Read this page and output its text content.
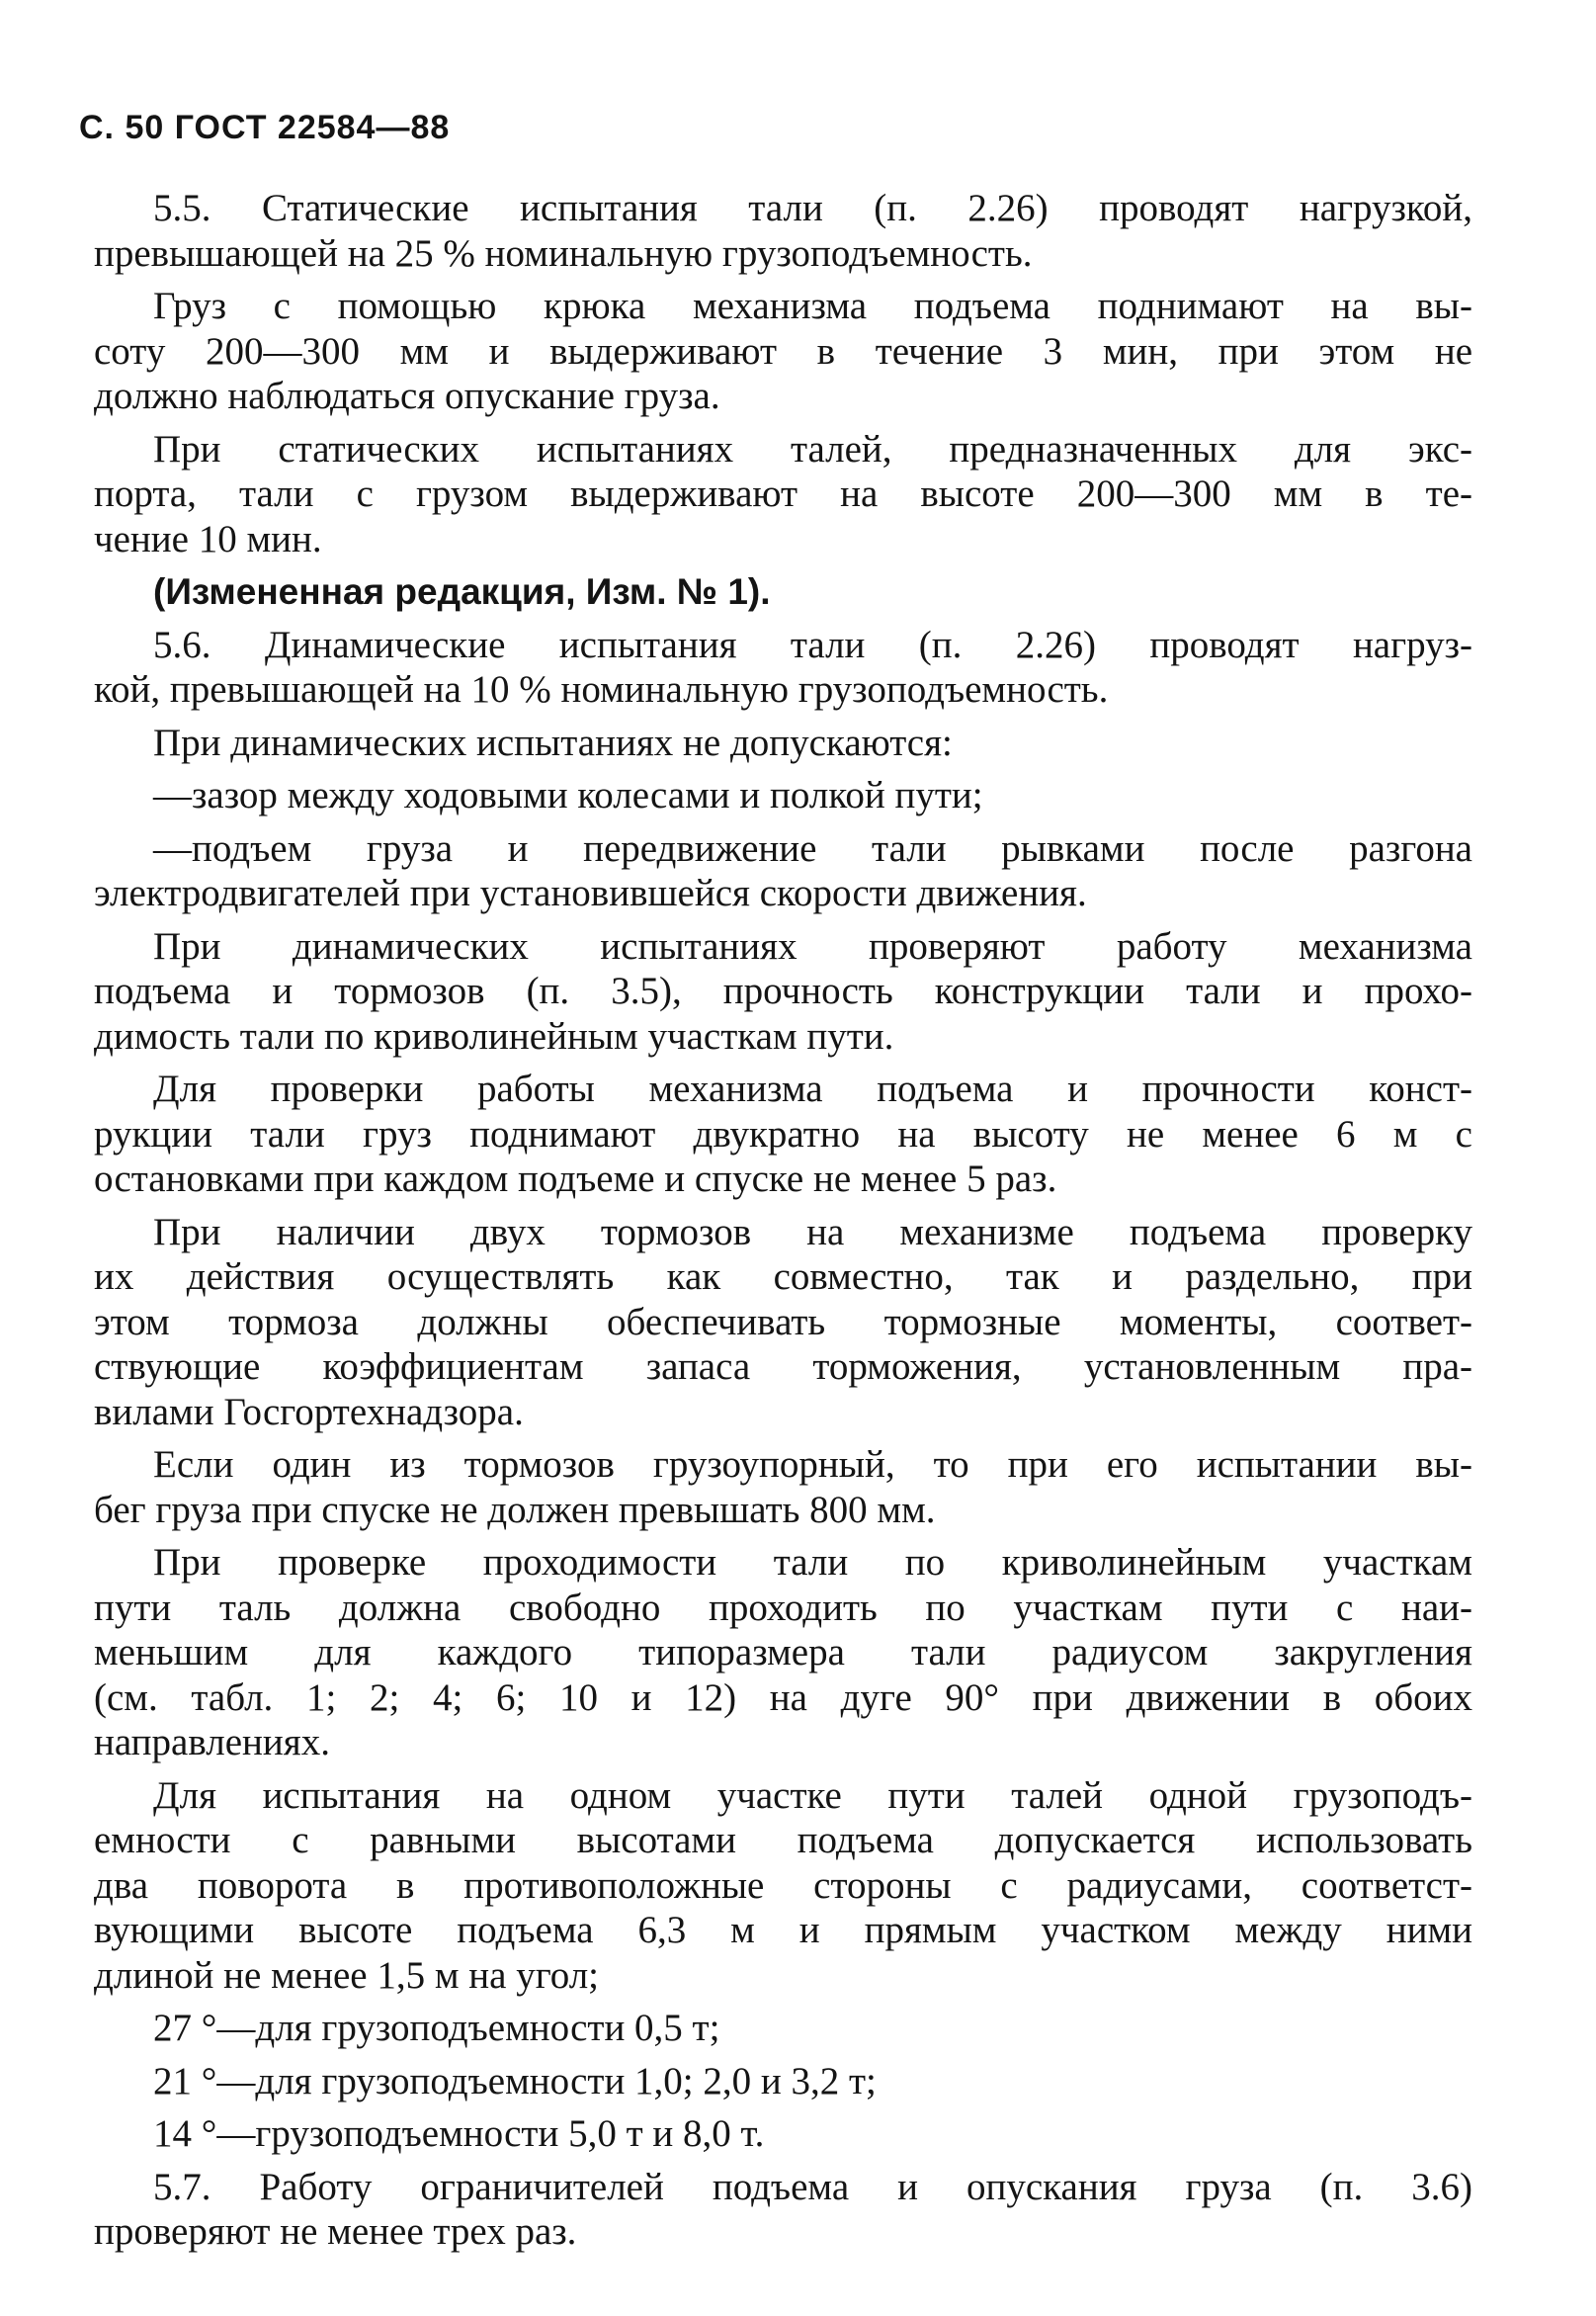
С. 50 ГОСТ 22584—88
5.5. Статические испытания тали (п. 2.26) проводят нагрузкой,
превышающей на 25 % номинальную грузоподъемность.
Груз с помощью крюка механизма подъема поднимают на вы-
соту 200—300 мм и выдерживают в течение 3 мин, при этом не
должно наблюдаться опускание груза.
При статических испытаниях талей, предназначенных для экс-
порта, тали с грузом выдерживают на высоте 200—300 мм в те-
чение 10 мин.
(Измененная редакция, Изм. № 1).
5.6. Динамические испытания тали (п. 2.26) проводят нагруз-
кой, превышающей на 10 % номинальную грузоподъемность.
При динамических испытаниях не допускаются:
—зазор между ходовыми колесами и полкой пути;
—подъем груза и передвижение тали рывками после разгона
электродвигателей при установившейся скорости движения.
При динамических испытаниях проверяют работу механизма
подъема и тормозов (п. 3.5), прочность конструкции тали и прохо-
димость тали по криволинейным участкам пути.
Для проверки работы механизма подъема и прочности конст-
рукции тали груз поднимают двукратно на высоту не менее 6 м с
остановками при каждом подъеме и спуске не менее 5 раз.
При наличии двух тормозов на механизме подъема проверку
их действия осуществлять как совместно, так и раздельно, при
этом тормоза должны обеспечивать тормозные моменты, соответ-
ствующие коэффициентам запаса торможения, установленным пра-
вилами Госгортехнадзора.
Если один из тормозов грузоупорный, то при его испытании вы-
бег груза при спуске не должен превышать 800 мм.
При проверке проходимости тали по криволинейным участкам
пути таль должна свободно проходить по участкам пути с наи-
меньшим для каждого типоразмера тали радиусом закругления
(см. табл. 1; 2; 4; 6; 10 и 12) на дуге 90° при движении в обоих
направлениях.
Для испытания на одном участке пути талей одной грузоподъ-
емности с равными высотами подъема допускается использовать
два поворота в противоположные стороны с радиусами, соответст-
вующими высоте подъема 6,3 м и прямым участком между ними
длиной не менее 1,5 м на угол;
27 °—для грузоподъемности 0,5 т;
21 °—для грузоподъемности 1,0; 2,0 и 3,2 т;
14 °—грузоподъемности 5,0 т и 8,0 т.
5.7. Работу ограничителей подъема и опускания груза (п. 3.6)
проверяют не менее трех раз.
